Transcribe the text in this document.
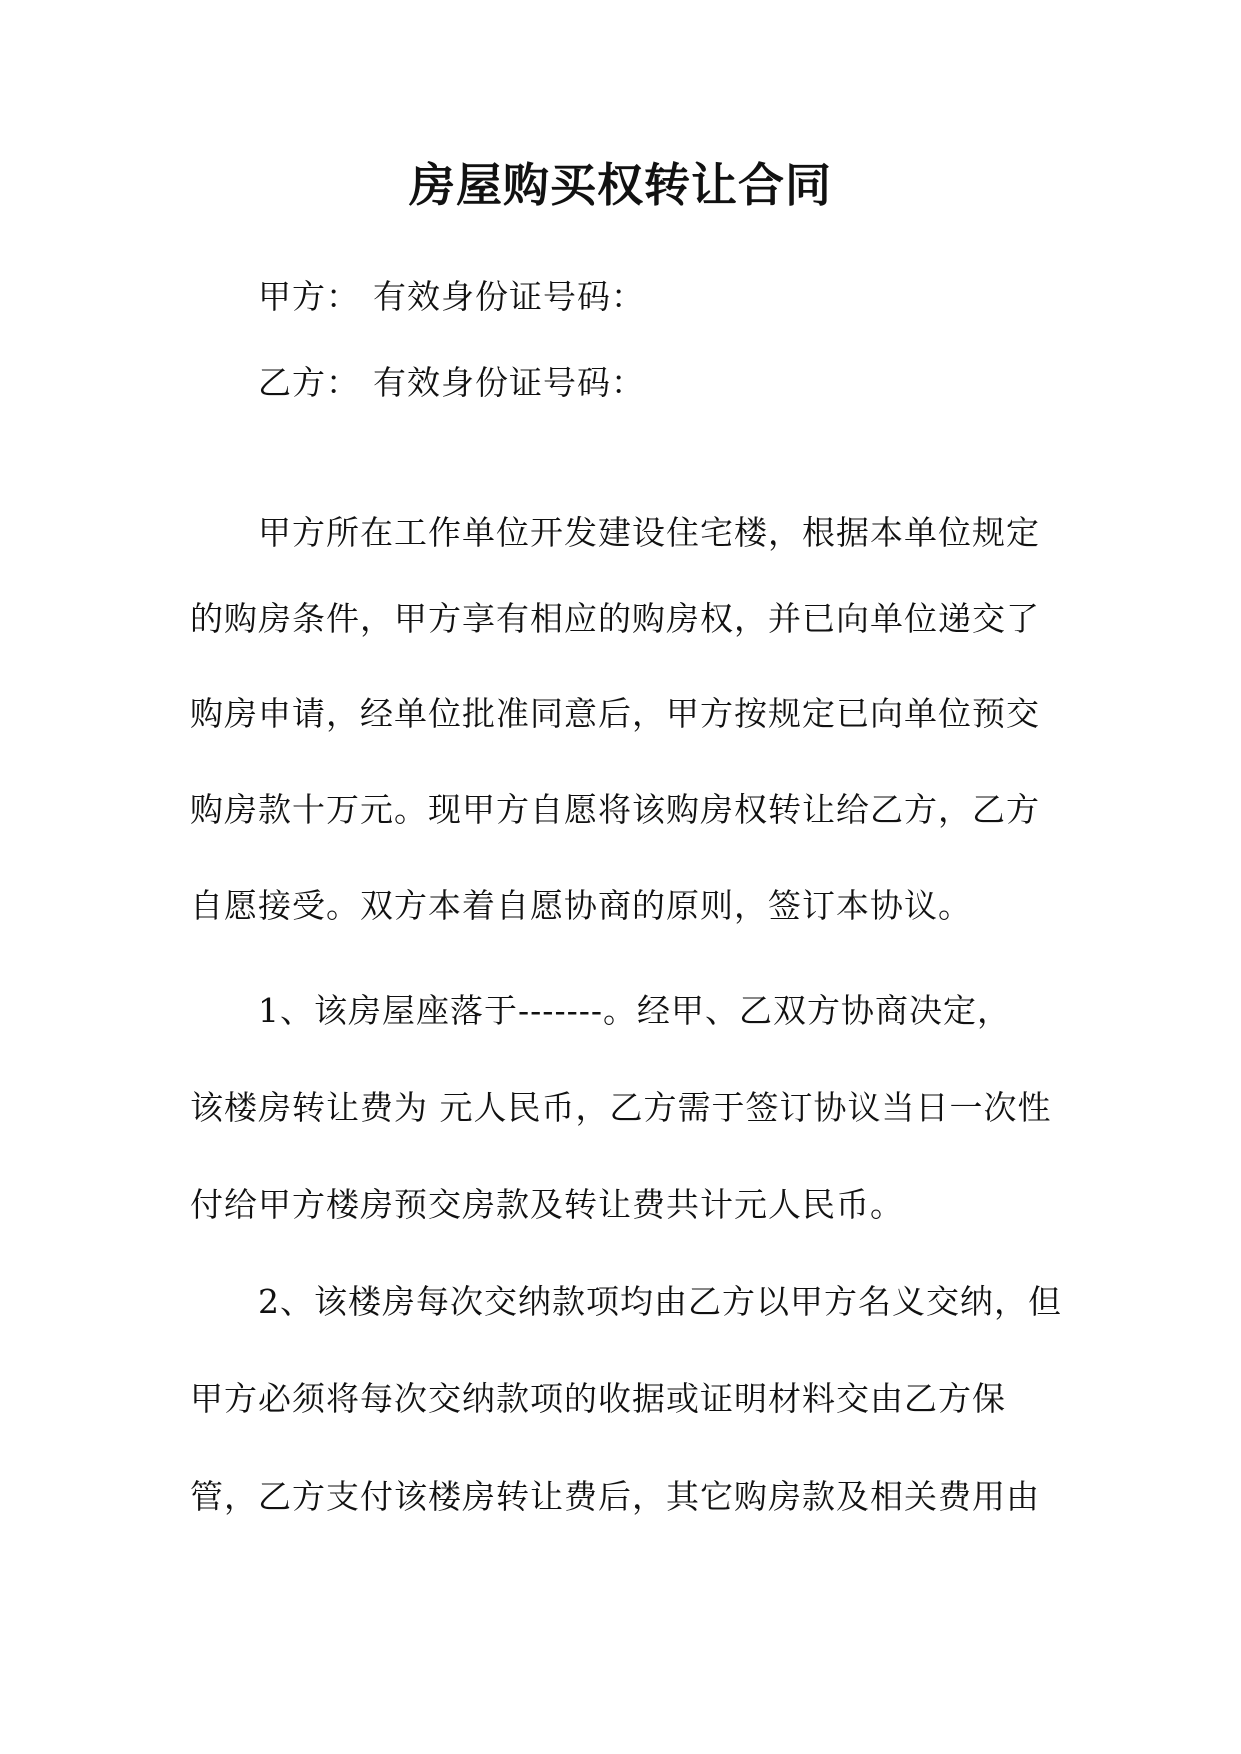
房屋购买权转让合同
甲方： 有效身份证号码：
乙方： 有效身份证号码：
甲方所在工作单位开发建设住宅楼，根据本单位规定
的购房条件，甲方享有相应的购房权，并已向单位递交了
购房申请，经单位批准同意后，甲方按规定已向单位预交
购房款十万元。现甲方自愿将该购房权转让给乙方，乙方
自愿接受。双方本着自愿协商的原则，签订本协议。
1、该房屋座落于-------。经甲、乙双方协商决定，
该楼房转让费为 元人民币，乙方需于签订协议当日一次性
付给甲方楼房预交房款及转让费共计元人民币。
2、该楼房每次交纳款项均由乙方以甲方名义交纳，但
甲方必须将每次交纳款项的收据或证明材料交由乙方保
管，乙方支付该楼房转让费后，其它购房款及相关费用由
